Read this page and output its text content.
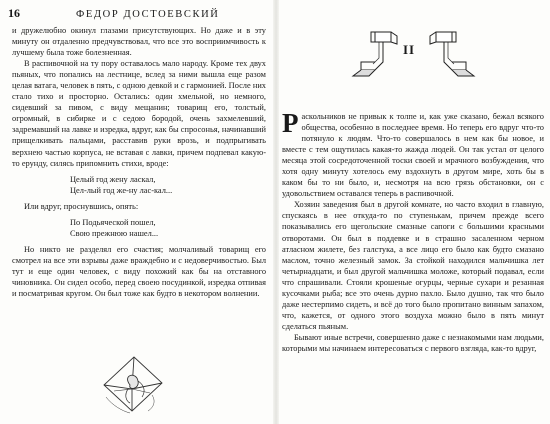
16	ФЕДОР ДОСТОЕВСКИЙ

и дружелюбно окинул глазами присутствующих. Но даже и в эту минуту он отдаленно предчувствовал, что все это восприимчивость к лучшему была тоже болезненная.

В распивочной на ту пору оставалось мало народу. Кроме тех двух пьяных, что попались на лестнице, вслед за ними вышла еще разом целая ватага, человек в пять, с одною девкой и с гармонией. После них стало тихо и просторно. Остались: один хмельной, но немного, сидевший за пивом, с виду мещанин; товарищ его, толстый, огромный, в сибирке и с седою бородой, очень захмелевший, задремавший на лавке и изредка, вдруг, как бы спросонья, начинавший прищелкивать пальцами, расставив руки врозь, и подпрыгивать верхнею частью корпуса, не вставая с лавки, причем подпевал какую-то ерунду, силясь припомнить стихи, вроде:

Целый год жену ласкал,
Цел-лый год же-ну лас-кал...

Или вдруг, проснувшись, опять:

По Подьяческой пошел,
Свою прежнюю нашел...

Но никто не разделял его счастия; молчаливый товарищ его смотрел на все эти взрывы даже враждебно и с недоверчивостью. Был тут и еще один человек, с виду похожий как бы на отставного чиновника. Он сидел особо, перед своею посудинкой, изредка отпивая и посматривая кругом. Он был тоже как будто в некотором волнении.

II

Раскольников не привык к толпе и, как уже сказано, бежал всякого общества, особенно в последнее время. Но теперь его вдруг что-то потянуло к людям. Что-то совершалось в нем как бы новое, и вместе с тем ощутилась какая-то жажда людей. Он так устал от целого месяца этой сосредоточенной тоски своей и мрачного возбуждения, что хотя одну минуту хотелось ему вздохнуть в другом мире, хоть бы в каком бы то ни было, и, несмотря на всю грязь обстановки, он с удовольствием оставался теперь в распивочной.

Хозяин заведения был в другой комнате, но часто входил в главную, спускаясь в нее откуда-то по ступенькам, причем прежде всего показывались его щегольские смазные сапоги с большими красными отворотами. Он был в поддевке и в страшно засаленном черном атласном жилете, без галстука, а все лицо его было как будто смазано маслом, точно железный замок. За стойкой находился мальчишка лет четырнадцати, и был другой мальчишка моложе, который подавал, если что спрашивали. Стояли крошеные огурцы, черные сухари и резанная кусочками рыба; все это очень дурно пахло. Было душно, так что было даже нестерпимо сидеть, и всё до того было пропитано винным запахом, что, кажется, от одного этого воздуха можно было в пять минут сделаться пьяным.

Бывают иные встречи, совершенно даже с незнакомыми нам людьми, которыми мы начинаем интересоваться с первого взгляда, как-то вдруг,
